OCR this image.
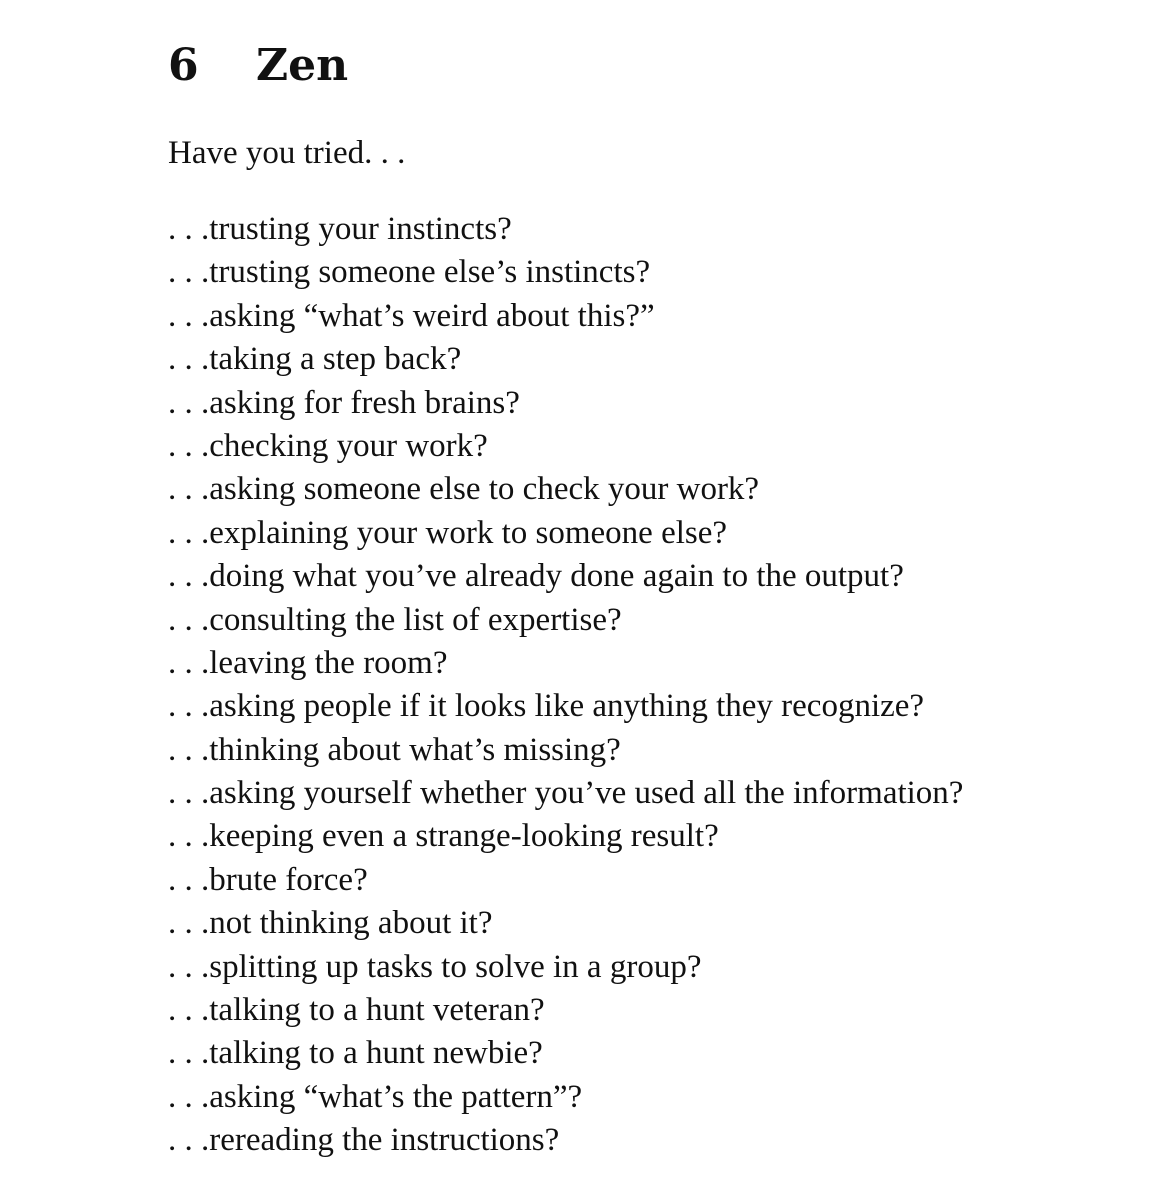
6 Zen

Have you tried. . .

. . .trusting your instincts?
. . .trusting someone else’s instincts?
. . .asking “what’s weird about this?”
. . .taking a step back?
. . .asking for fresh brains?
. . .checking your work?
. . .asking someone else to check your work?
. . .explaining your work to someone else?
. . .doing what you’ve already done again to the output?
. . .consulting the list of expertise?
. . .leaving the room?
. . .asking people if it looks like anything they recognize?
. . .thinking about what’s missing?
. . .asking yourself whether you’ve used all the information?
. . .keeping even a strange-looking result?
. . .brute force?
. . .not thinking about it?
. . .splitting up tasks to solve in a group?
. . .talking to a hunt veteran?
. . .talking to a hunt newbie?
. . .asking “what’s the pattern”?
. . .rereading the instructions?
